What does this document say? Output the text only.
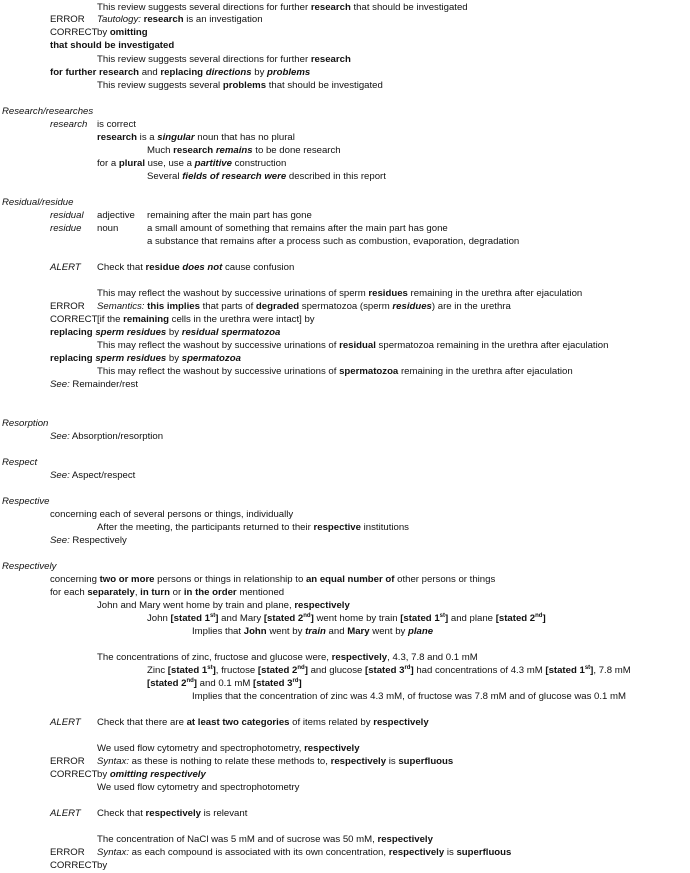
This review suggests several directions for further research that should be investigated
ERROR Tautology: research is an investigation
CORRECT by omitting
that should be investigated
This review suggests several directions for further research
for further research and replacing directions by problems
This review suggests several problems that should be investigated
Research/researches
research is correct
research is a singular noun that has no plural
Much research remains to be done research
for a plural use, use a partitive construction
Several fields of research were described in this report
Residual/residue
residual adjective remaining after the main part has gone
residue noun	a small amount of something that remains after the main part has gone
a substance that remains after a process such as combustion, evaporation, degradation
ALERT Check that residue does not cause confusion
This may reflect the washout by successive urinations of sperm residues remaining in the urethra after ejaculation
ERROR Semantics: this implies that parts of degraded spermatozoa (sperm residues) are in the urethra
CORRECT [if the remaining cells in the urethra were intact] by
replacing sperm residues by residual spermatozoa
This may reflect the washout by successive urinations of residual spermatozoa remaining in the urethra after ejaculation
replacing sperm residues by spermatozoa
This may reflect the washout by successive urinations of spermatozoa remaining in the urethra after ejaculation
See: Remainder/rest
Resorption
See: Absorption/resorption
Respect
See: Aspect/respect
Respective
concerning each of several persons or things, individually
After the meeting, the participants returned to their respective institutions
See: Respectively
Respectively
concerning two or more persons or things in relationship to an equal number of other persons or things
for each separately, in turn or in the order mentioned
John and Mary went home by train and plane, respectively
John [stated 1st] and Mary [stated 2nd] went home by train [stated 1st] and plane [stated 2nd]
Implies that John went by train and Mary went by plane
The concentrations of zinc, fructose and glucose were, respectively, 4.3, 7.8 and 0.1 mM
Zinc [stated 1st], fructose [stated 2nd] and glucose [stated 3rd] had concentrations of 4.3 mM [stated 1st], 7.8 mM
[stated 2nd] and 0.1 mM [stated 3rd]
Implies that the concentration of zinc was 4.3 mM, of fructose was 7.8 mM and of glucose was 0.1 mM
ALERT Check that there are at least two categories of items related by respectively
We used flow cytometry and spectrophotometry, respectively
ERROR Syntax: as these is nothing to relate these methods to, respectively is superfluous
CORRECT by omitting respectively
We used flow cytometry and spectrophotometry
ALERT Check that respectively is relevant
The concentration of NaCl was 5 mM and of sucrose was 50 mM, respectively
ERROR Syntax: as each compound is associated with its own concentration, respectively is superfluous
CORRECT by
